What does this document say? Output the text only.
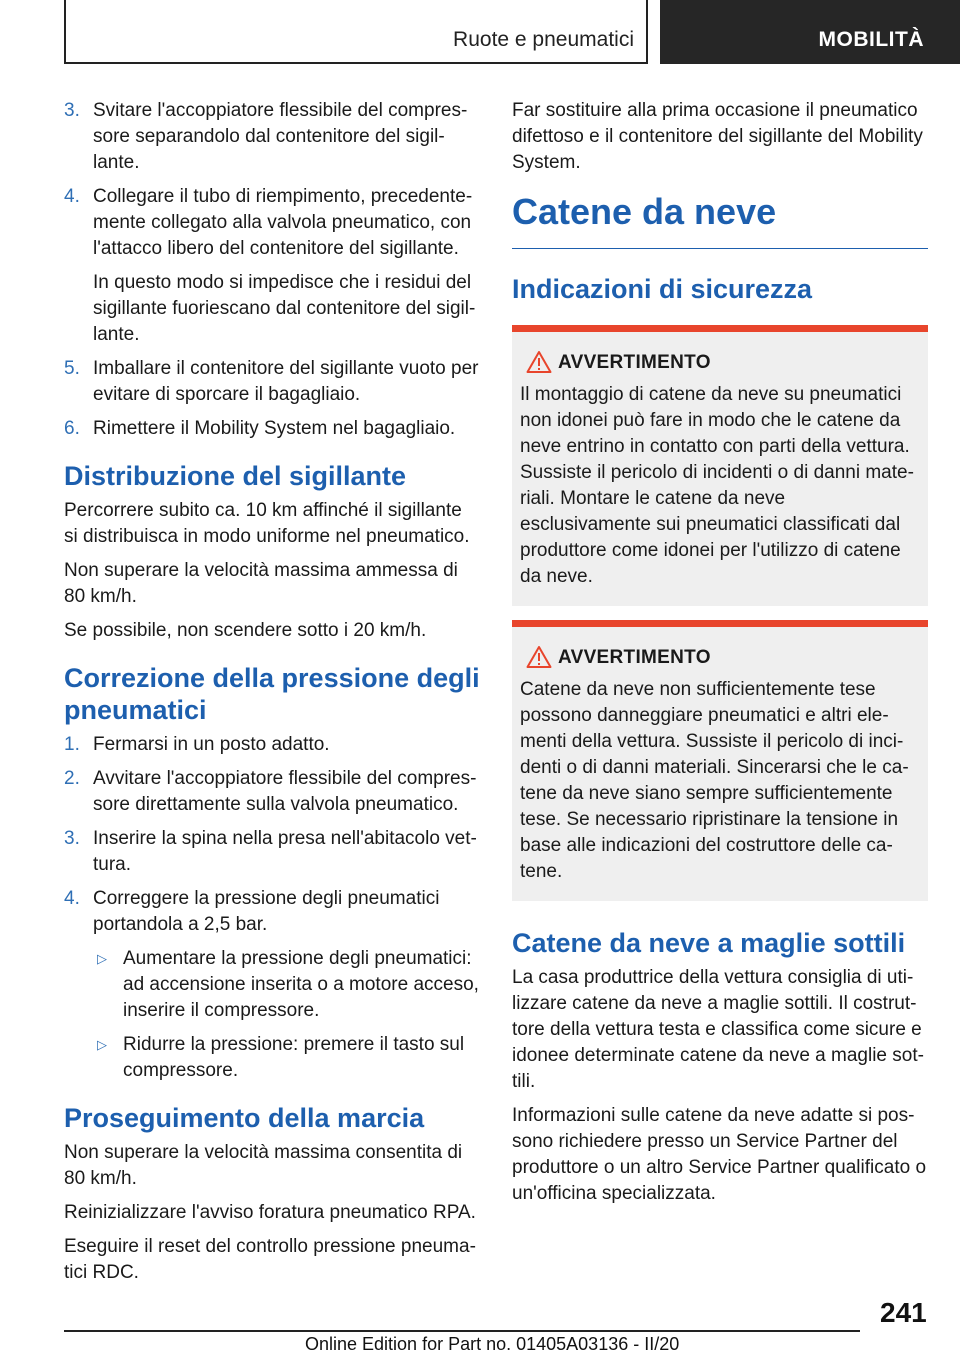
Ruote e pneumatici	MOBILITÀ
3. Svitare l'accoppiatore flessibile del compressore separandolo dal contenitore del sigillante.
4. Collegare il tubo di riempimento, precedentemente collegato alla valvola pneumatico, con l'attacco libero del contenitore del sigillante.

In questo modo si impedisce che i residui del sigillante fuoriescano dal contenitore del sigillante.

5. Imballare il contenitore del sigillante vuoto per evitare di sporcare il bagagliaio.
6. Rimettere il Mobility System nel bagagliaio.
Distribuzione del sigillante

Percorrere subito ca. 10 km affinché il sigillante si distribuisca in modo uniforme nel pneumatico.

Non superare la velocità massima ammessa di 80 km/h.

Se possibile, non scendere sotto i 20 km/h.

Correzione della pressione degli pneumatici
1. Fermarsi in un posto adatto.
2. Avvitare l'accoppiatore flessibile del compressore direttamente sulla valvola pneumatico.
3. Inserire la spina nella presa nell'abitacolo vettura.
4. Correggere la pressione degli pneumatici portandola a 2,5 bar.
▷ Aumentare la pressione degli pneumatici: ad accensione inserita o a motore acceso, inserire il compressore.
▷ Ridurre la pressione: premere il tasto sul compressore.
Proseguimento della marcia

Non superare la velocità massima consentita di 80 km/h.

Reinizializzare l'avviso foratura pneumatico RPA.

Eseguire il reset del controllo pressione pneumatici RDC.

Far sostituire alla prima occasione il pneumatico difettoso e il contenitore del sigillante del Mobility System.

Catene da neve
Indicazioni di sicurezza
AVVERTIMENTO
Il montaggio di catene da neve su pneumatici non idonei può fare in modo che le catene da neve entrino in contatto con parti della vettura. Sussiste il pericolo di incidenti o di danni materiali. Montare le catene da neve esclusivamente sui pneumatici classificati dal produttore come idonei per l'utilizzo di catene da neve.
AVVERTIMENTO
Catene da neve non sufficientemente tese possono danneggiare pneumatici e altri elementi della vettura. Sussiste il pericolo di incidenti o di danni materiali. Sincerarsi che le catene da neve siano sempre sufficientemente tese. Se necessario ripristinare la tensione in base alle indicazioni del costruttore delle catene.
Catene da neve a maglie sottili

La casa produttrice della vettura consiglia di utilizzare catene da neve a maglie sottili. Il costruttore della vettura testa e classifica come sicure e idonee determinate catene da neve a maglie sottili.

Informazioni sulle catene da neve adatte si possono richiedere presso un Service Partner del produttore o un altro Service Partner qualificato o un'officina specializzata.

241
Online Edition for Part no. 01405A03136 - II/20
